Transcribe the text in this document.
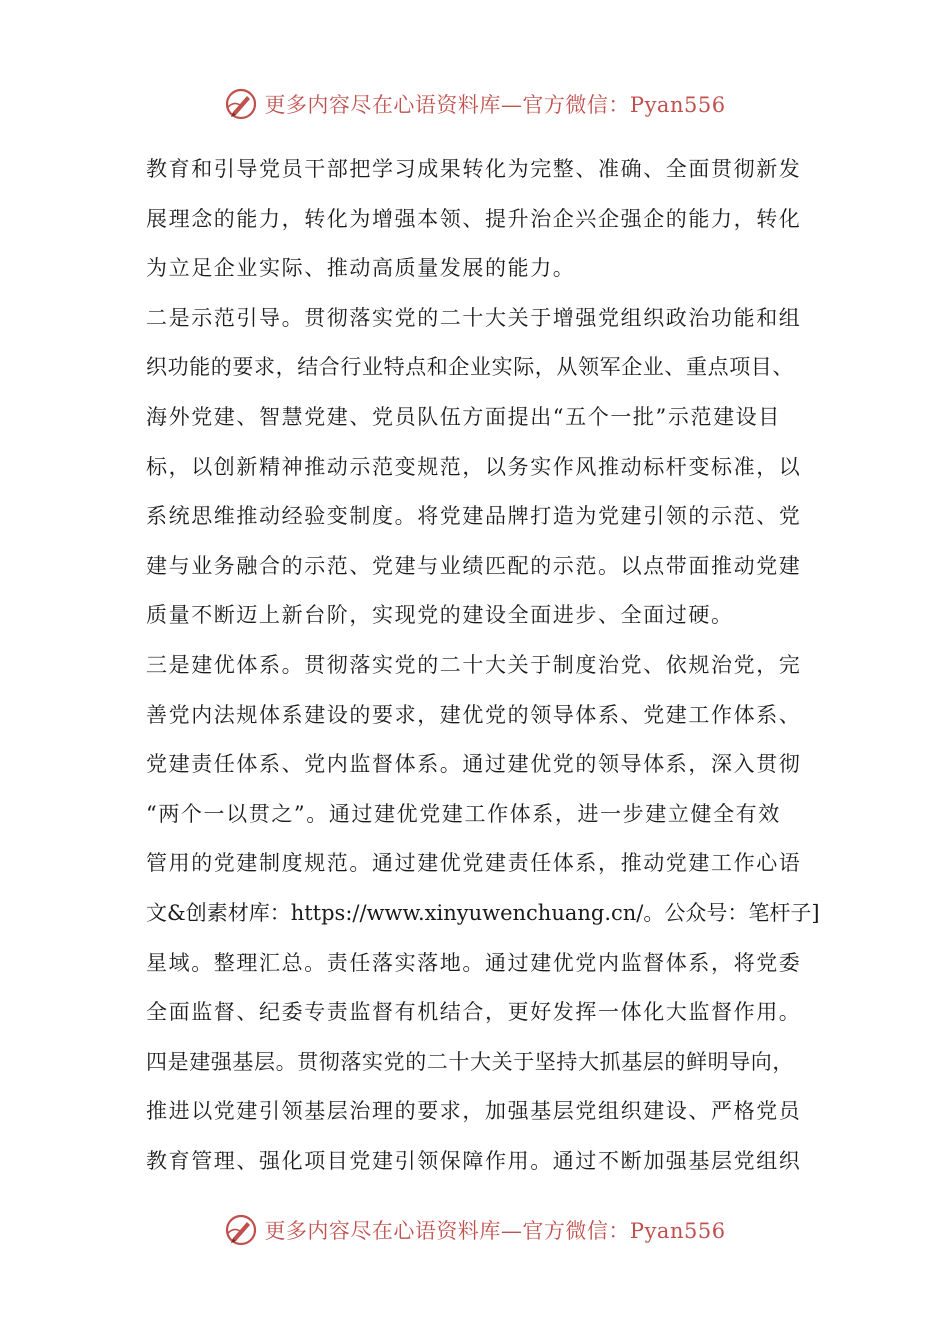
更多内容尽在心语资料库—官方微信：Pyan556
教育和引导党员干部把学习成果转化为完整、准确、全面贯彻新发
展理念的能力，转化为增强本领、提升治企兴企强企的能力，转化
为立足企业实际、推动高质量发展的能力。
二是示范引导。贯彻落实党的二十大关于增强党组织政治功能和组
织功能的要求，结合行业特点和企业实际，从领军企业、重点项目、
海外党建、智慧党建、党员队伍方面提出“五个一批”示范建设目
标，以创新精神推动示范变规范，以务实作风推动标杆变标准，以
系统思维推动经验变制度。将党建品牌打造为党建引领的示范、党
建与业务融合的示范、党建与业绩匹配的示范。以点带面推动党建
质量不断迈上新台阶，实现党的建设全面进步、全面过硬。
三是建优体系。贯彻落实党的二十大关于制度治党、依规治党，完
善党内法规体系建设的要求，建优党的领导体系、党建工作体系、
党建责任体系、党内监督体系。通过建优党的领导体系，深入贯彻
“两个一以贯之”。通过建优党建工作体系，进一步建立健全有效
管用的党建制度规范。通过建优党建责任体系，推动党建工作心语
文&创素材库：https://www.xinyuwenchuang.cn/。公众号：笔杆子]
星域。整理汇总。责任落实落地。通过建优党内监督体系，将党委
全面监督、纪委专责监督有机结合，更好发挥一体化大监督作用。
四是建强基层。贯彻落实党的二十大关于坚持大抓基层的鲜明导向，
推进以党建引领基层治理的要求，加强基层党组织建设、严格党员
教育管理、强化项目党建引领保障作用。通过不断加强基层党组织
更多内容尽在心语资料库—官方微信：Pyan556
